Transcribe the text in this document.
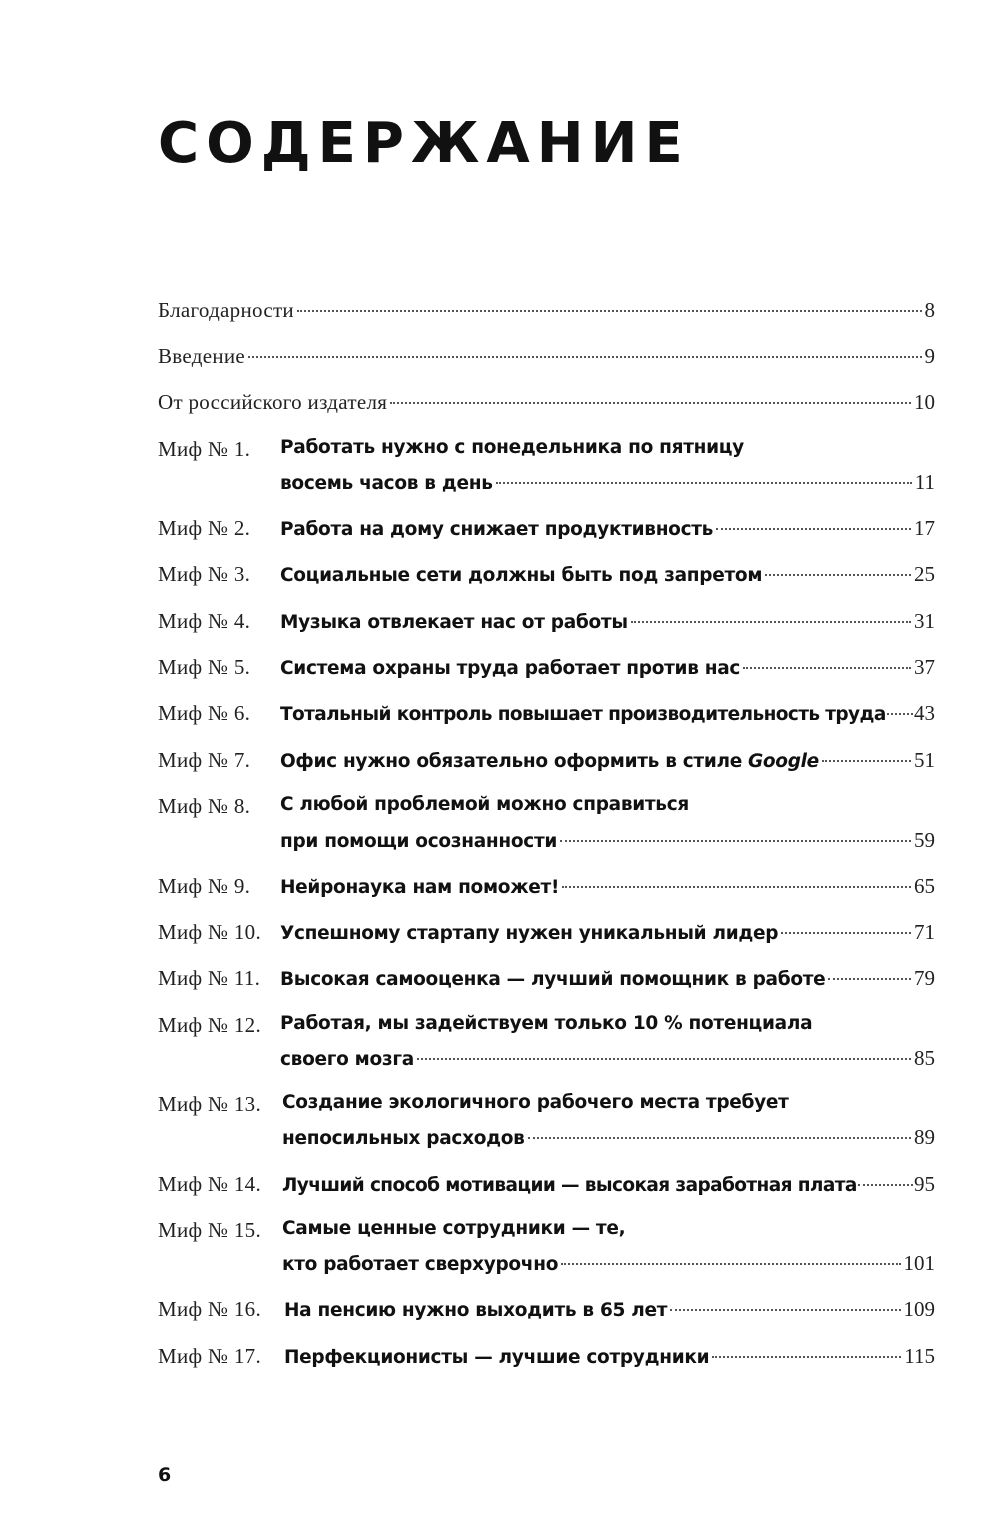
СОДЕРЖАНИЕ
Благодарности	8
Введение	9
От российского издателя	10
Миф № 1. Работать нужно с понедельника по пятницу
восемь часов в день	11
Миф № 2. Работа на дому снижает продуктивность	17
Миф № 3. Социальные сети должны быть под запретом	25
Миф № 4. Музыка отвлекает нас от работы	31
Миф № 5. Система охраны труда работает против нас	37
Миф № 6. Тотальный контроль повышает производительность труда 43
Миф № 7. Офис нужно обязательно оформить в стиле Google	51
Миф № 8. С любой проблемой можно справиться
при помощи осознанности	59
Миф № 9. Нейронаука нам поможет!	65
Миф № 10. Успешному стартапу нужен уникальный лидер	71
Миф № 11. Высокая самооценка — лучший помощник в работе	79
Миф № 12. Работая, мы задействуем только 10 % потенциала
своего мозга	85
Миф № 13. Создание экологичного рабочего места требует
непосильных расходов	89
Миф № 14. Лучший способ мотивации — высокая заработная плата	95
Миф № 15. Самые ценные сотрудники — те,
кто работает сверхурочно	101
Миф № 16. На пенсию нужно выходить в 65 лет	109
Миф № 17. Перфекционисты — лучшие сотрудники	115
6
